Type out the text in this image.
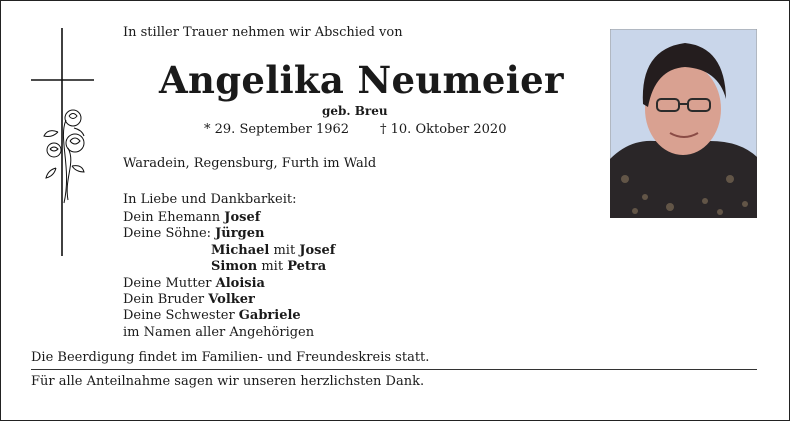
In stiller Trauer nehmen wir Abschied von
Angelika Neumeier
geb. Breu
* 29. September 1962 † 10. Oktober 2020
Waradein, Regensburg, Furth im Wald
In Liebe und Dankbarkeit:
Dein Ehemann Josef
Deine Söhne: Jürgen
Michael mit Josef
Simon mit Petra
Deine Mutter Aloisia
Dein Bruder Volker
Deine Schwester Gabriele
im Namen aller Angehörigen
Die Beerdigung findet im Familien- und Freundeskreis statt.
Für alle Anteilnahme sagen wir unseren herzlichsten Dank.
